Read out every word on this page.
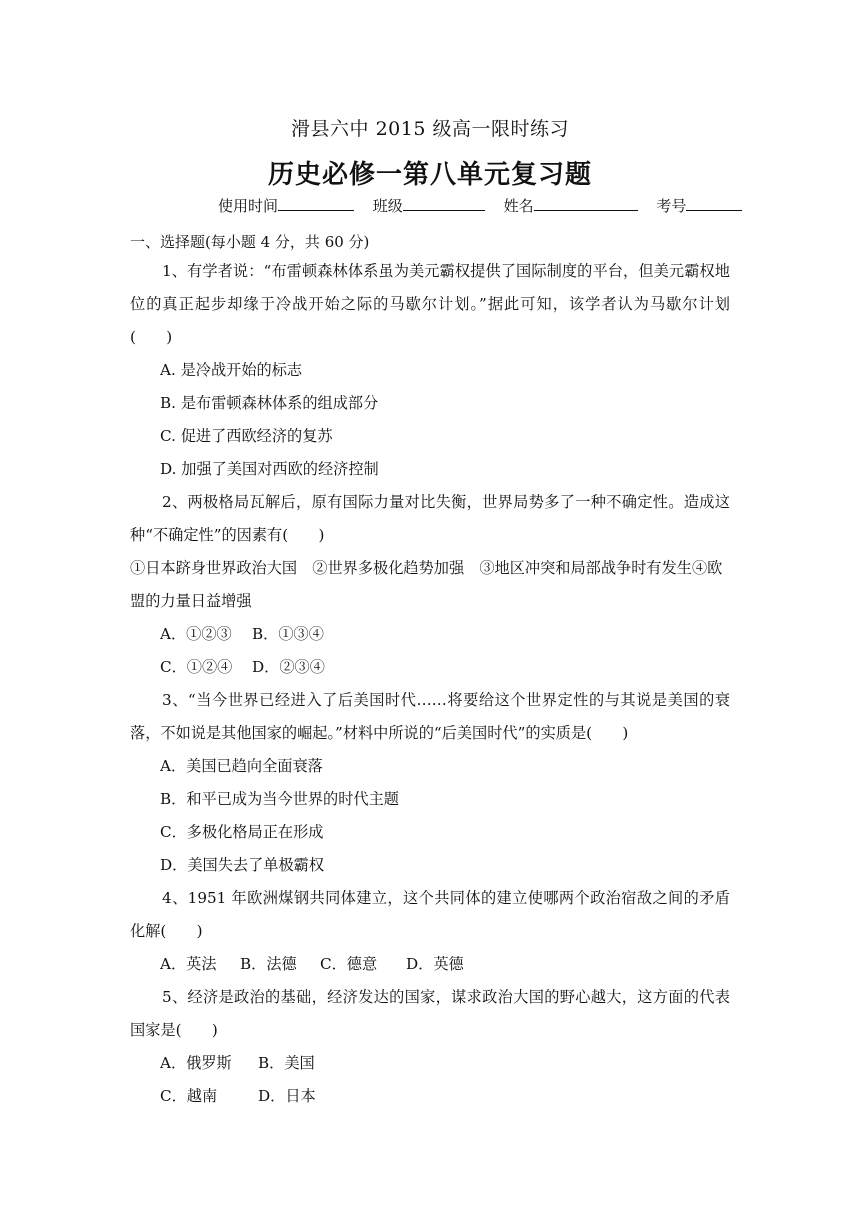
滑县六中 2015 级高一限时练习
历史必修一第八单元复习题
使用时间	班级	姓名	考号
一、选择题(每小题 4 分，共 60 分)

1、有学者说：“布雷顿森林体系虽为美元霸权提供了国际制度的平台，但美元霸权地位的真正起步却缘于冷战开始之际的马歇尔计划。”据此可知，该学者认为马歇尔计划(　　)

A. 是冷战开始的标志

B. 是布雷顿森林体系的组成部分

C. 促进了西欧经济的复苏

D. 加强了美国对西欧的经济控制

2、两极格局瓦解后，原有国际力量对比失衡，世界局势多了一种不确定性。造成这种“不确定性”的因素有(　　)

①日本跻身世界政治大国　②世界多极化趋势加强　③地区冲突和局部战争时有发生④欧盟的力量日益增强

A．①②③ B．①③④

C．①②④ D．②③④

3、“当今世界已经进入了后美国时代……将要给这个世界定性的与其说是美国的衰落，不如说是其他国家的崛起。”材料中所说的“后美国时代”的实质是(　　)

A．美国已趋向全面衰落

B．和平已成为当今世界的时代主题

C．多极化格局正在形成

D．美国失去了单极霸权

4、1951 年欧洲煤钢共同体建立，这个共同体的建立使哪两个政治宿敌之间的矛盾化解(　　)

A．英法 B．法德 C．德意 D．英德

5、经济是政治的基础，经济发达的国家，谋求政治大国的野心越大，这方面的代表国家是(　　)

A．俄罗斯 B．美国

C．越南	D．日本
